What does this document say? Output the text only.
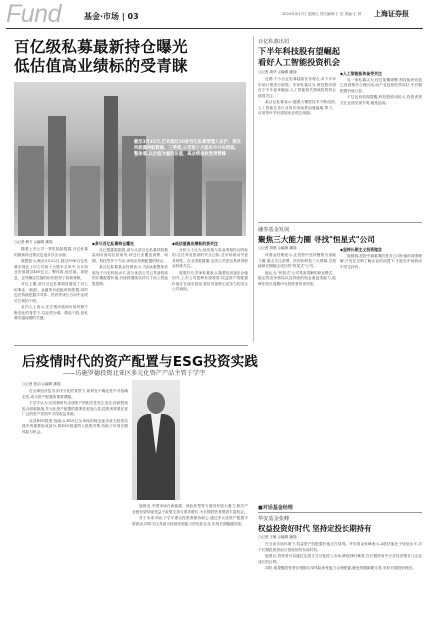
Fund	基金·市场 | 03	2024年4月7日 星期日 责任编辑:王 页 美编:王 婷 上海证券报
百亿级私募最新持仓曝光
低估值高业绩标的受青睐
截至3月22日,已有超过50家百亿私募管理人在沪、深交所披露持股数据。三季度,公司前十大股东中分布明显。整体看,以价值为重的估值、高业绩板块受到青睐
○记者 韩方 ◎编辑 潘翔

随着上市公司一季报陆续披露,百亿私募的最新持仓情况也逐步浮出水面。

数据显示,截至3月22日,超过50家百亿私募出现在上市公司前十大股东名单中,合计持仓市值超过400亿元。整体看,低估值、高股息、业绩确定性强的标的获得了机构青睐。

对比上期,部分百亿私募明显增加了对公用事业、能源、金融等价值板块的配置,同时也在持续挖掘半导体、医药等成长方向中业绩可兑现的个股。

业内人士表示,在宏观环境和市场风格不断变化的背景下,以业绩为锚、精选个股,是私募穿越周期的关键。

◆多只百亿私募持仓曝光

从已披露数据看,部分头部百亿私募持股数量和市值均位居前列,持仓行业覆盖消费、周期、科技等多个方向,体现出均衡配置的特点。

某百亿私募基金经理表示,当前A股整体估值处于历史较低水平,部分优质公司已具备较高的长期配置价值,后续将继续坚持自下而上的选股思路。

◆低估值高业绩标的获关注

分析人士认为,低估值与高业绩相结合的标的,往往具有更高的安全边际,在市场波动中更具韧性。在业绩披露期,这类公司更容易获得资金持续关注。

展望后市,多家私募表示,随着经济逐步企稳回升,上市公司盈利有望改善,权益资产的配置价值正在逐步显现,看好具备核心竞争力的龙头公司表现。

后疫情时代的资产配置与ESG投资实践
——访施罗德投资北亚区多元化资产产品主管于学宇
○记者 张羽 ◎编辑 潘翔

在全球经济复苏步伐分化的背景下,如何在不确定性中寻找确定性,成为资产配置的重要课题。

于学宇认为,后疫情时代全球资产的相关性发生变化,传统股债组合面临挑战,多元化资产配置的重要性愈加凸显,投资者需要在更广泛的资产类别中寻找收益来源。

谈及ESG投资,他表示,ESG已从单纯的理念逐步成为投资实践中的重要组成部分,将ESG因素纳入投资决策,有助于识别长期风险与机会。

他指出,中国市场在新能源、绿色转型等方面具有较大潜力,相关产业链有望持续受益于政策支持与需求增长,为长期投资者提供丰富机会。

对于未来市场,于学宇建议投资者保持耐心,通过多元化资产配置平滑波动,同时关注具备可持续发展能力的优质企业,实现长期稳健回报。

百亿私募出招
下半年科技股有望崛起
看好人工智能投资机会
○记者 周华 ◎编辑 潘翔

近期,不少百亿私募陆续发布观点,对下半年市场行情进行展望。多家私募认为,科技股有望在下半年迎来崛起,人工智能相关领域投资机会值得关注。

某百亿私募表示,随着大模型技术不断成熟,人工智能在各行业的应用场景加速落地,算力、应用等环节有望迎来业绩兑现期。

◆人工智能板块备受关注

另一家私募认为,经过前期调整,科技板块估值已回到相对合理区间,而产业趋势依然向好,中长期配置价值凸显。

不过也有机构提醒,科技股波动较大,投资者需关注业绩兑现节奏,避免追高。

融券基金发展
聚焦三大能力圈 寻找"恒星式"公司
○记者 刘晨 ◎编辑 潘翔

该基金经理表示,在投资中坚持聚焦自身能力圈,重点关注消费、医药和科技三大领域,寻找能够长期稳定成长的"恒星式"公司。

他认为,"恒星式"公司具备清晰的商业模式、稳定的竞争格局以及持续的现金流创造能力,能够在较长周期内为投资者带来回报。

◆坚持长期主义投资理念

他强调,投资中最重要的是对公司价值的深度理解,只有在足够了解企业的前提下,才能在市场波动中坚定持有。

■对话基金经理
华安基金张峰
权益投资好时代 坚持定投长期持有
○记者 王敏 ◎编辑 潘翔

在当前市场环境下,权益资产的配置价值正在显现。华安基金张峰表示,A股估值处于较低水平,对于长期投资者而言是较好的布局时机。

他建议,投资者可以通过定投方式分批进入市场,降低择时难度,在长期持有中分享经济增长与企业成长的红利。

同时,他提醒投资者应根据自身风险承受能力合理配置,避免短期频繁交易,坚持长期投资理念。
